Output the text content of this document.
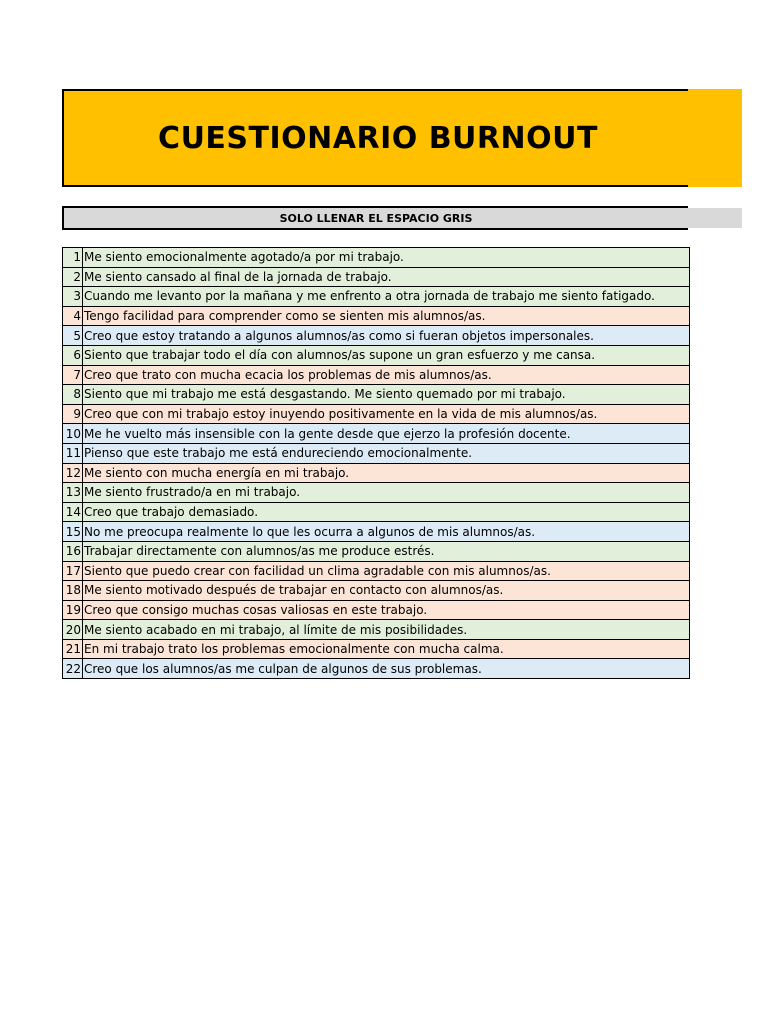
CUESTIONARIO BURNOUT
SOLO LLENAR EL ESPACIO GRIS
1	Me siento emocionalmente agotado/a por mi trabajo.
2	Me siento cansado al final de la jornada de trabajo.
3	Cuando me levanto por la mañana y me enfrento a otra jornada de trabajo me siento fatigado.
4	Tengo facilidad para comprender como se sienten mis alumnos/as.
5	Creo que estoy tratando a algunos alumnos/as como si fueran objetos impersonales.
6	Siento que trabajar todo el día con alumnos/as supone un gran esfuerzo y me cansa.
7	Creo que trato con mucha ecacia los problemas de mis alumnos/as.
8	Siento que mi trabajo me está desgastando. Me siento quemado por mi trabajo.
9	Creo que con mi trabajo estoy inuyendo positivamente en la vida de mis alumnos/as.
10	Me he vuelto más insensible con la gente desde que ejerzo la profesión docente.
11	Pienso que este trabajo me está endureciendo emocionalmente.
12	Me siento con mucha energía en mi trabajo.
13	Me siento frustrado/a en mi trabajo.
14	Creo que trabajo demasiado.
15	No me preocupa realmente lo que les ocurra a algunos de mis alumnos/as.
16	Trabajar directamente con alumnos/as me produce estrés.
17	Siento que puedo crear con facilidad un clima agradable con mis alumnos/as.
18	Me siento motivado después de trabajar en contacto con alumnos/as.
19	Creo que consigo muchas cosas valiosas en este trabajo.
20	Me siento acabado en mi trabajo, al límite de mis posibilidades.
21	En mi trabajo trato los problemas emocionalmente con mucha calma.
22	Creo que los alumnos/as me culpan de algunos de sus problemas.
